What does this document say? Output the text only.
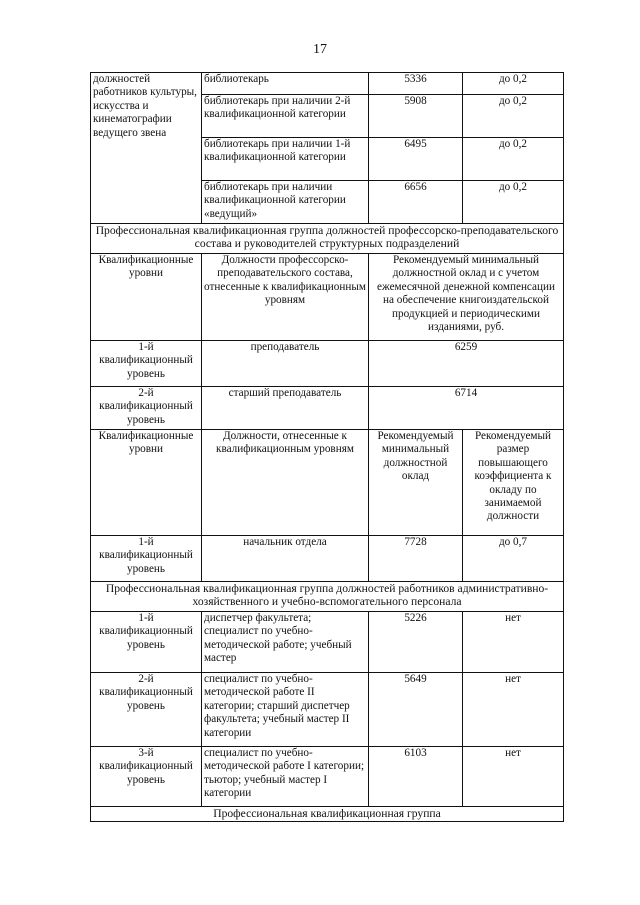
17
должностей работников культуры, искусства и кинематографии ведущего звена	библиотекарь	5336	до 0,2
	библиотекарь при наличии 2-й квалификационной категории	5908	до 0,2
	библиотекарь при наличии 1-й квалификационной категории	6495	до 0,2
	библиотекарь при наличии квалификационной категории «ведущий»	6656	до 0,2
Профессиональная квалификационная группа должностей профессорско-преподавательского состава и руководителей структурных подразделений			
Квалификационные уровни	Должности профессорско-преподавательского состава, отнесенные к квалификационным уровням	Рекомендуемый минимальный должностной оклад и с учетом ежемесячной денежной компенсации на обеспечение книгоиздательской продукцией и периодическими изданиями, руб.	
1-й квалификационный уровень	преподаватель	6259	
2-й квалификационный уровень	старший преподаватель	6714	
Квалификационные уровни	Должности, отнесенные к квалификационным уровням	Рекомендуемый минимальный должностной оклад	Рекомендуемый размер повышающего коэффициента к окладу по занимаемой должности
1-й квалификационный уровень	начальник отдела	7728	до 0,7
Профессиональная квалификационная группа должностей работников административно-хозяйственного и учебно-вспомогательного персонала			
1-й квалификационный уровень	диспетчер факультета; специалист по учебно-методической работе; учебный мастер	5226	нет
2-й квалификационный уровень	специалист по учебно-методической работе II категории; старший диспетчер факультета; учебный мастер II категории	5649	нет
3-й квалификационный уровень	специалист по учебно-методической работе I категории; тьютор; учебный мастер I категории	6103	нет
Профессиональная квалификационная группа			
